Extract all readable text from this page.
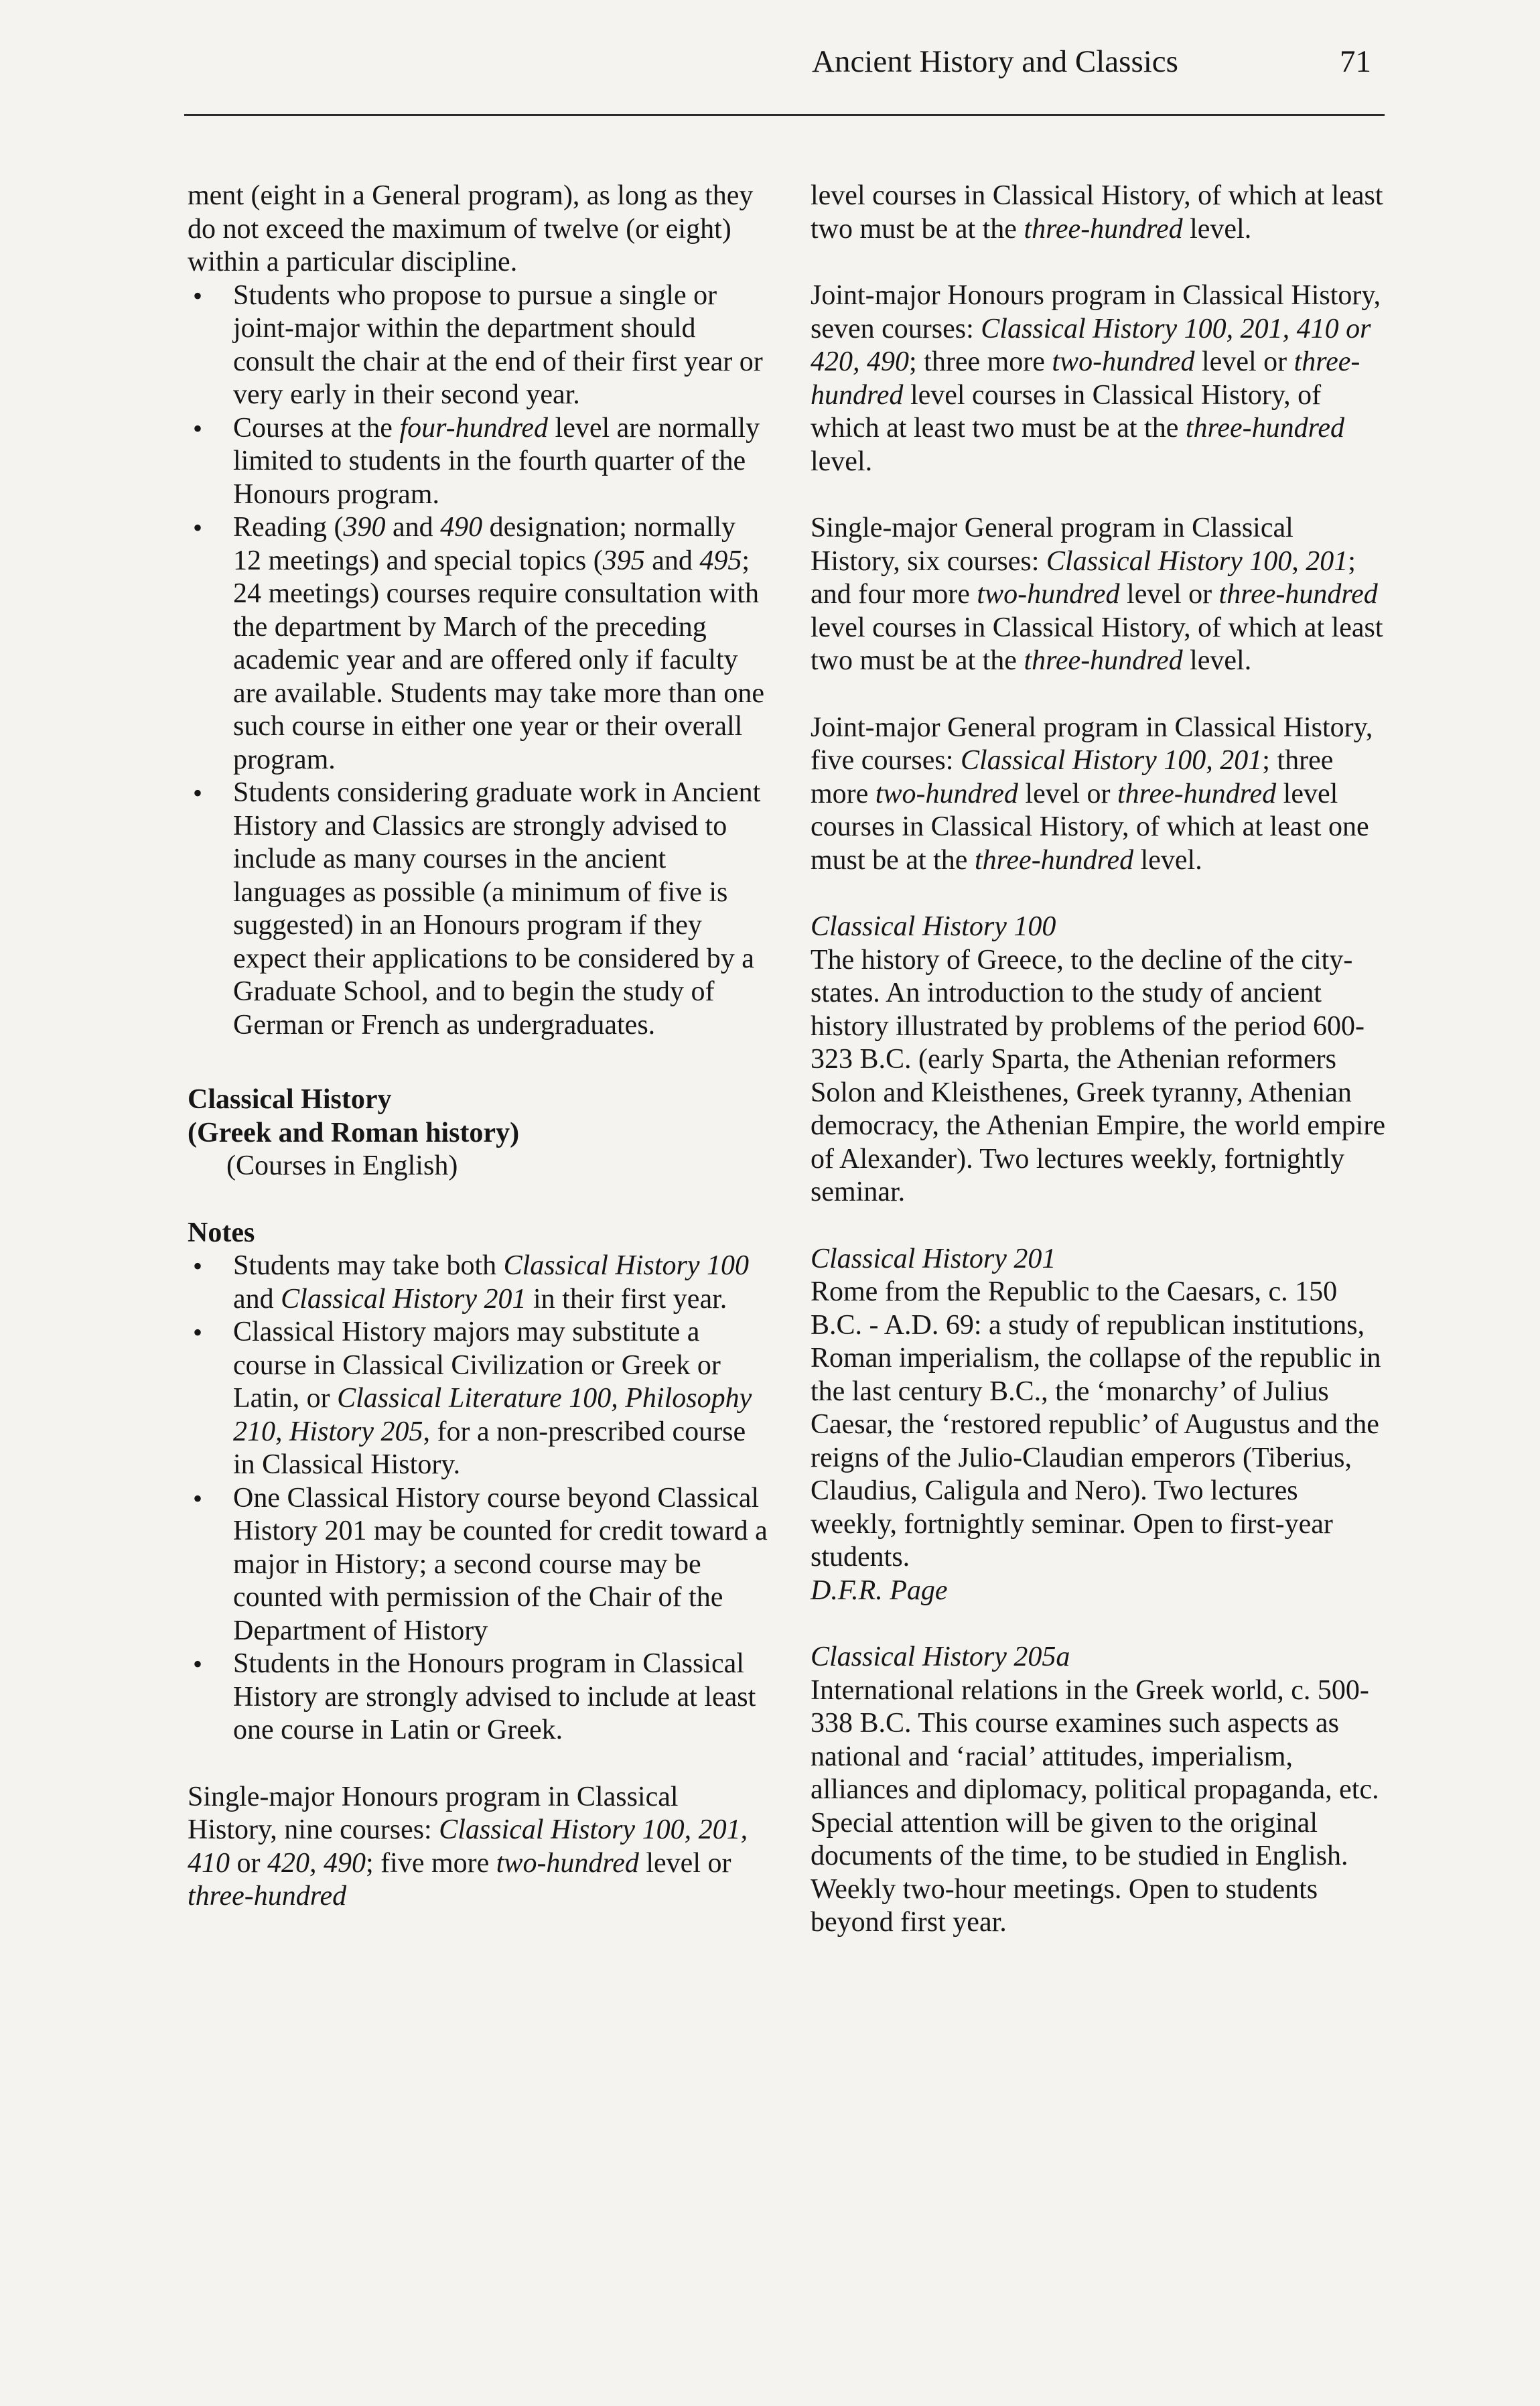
Ancient History and Classics	71

ment (eight in a General program), as long as they do not exceed the maximum of twelve (or eight) within a particular discipline.

• Students who propose to pursue a single or joint-major within the department should consult the chair at the end of their first year or very early in their second year.
• Courses at the four-hundred level are normally limited to students in the fourth quarter of the Honours program.
• Reading (390 and 490 designation; normally 12 meetings) and special topics (395 and 495; 24 meetings) courses require consultation with the department by March of the preceding academic year and are offered only if faculty are available. Students may take more than one such course in either one year or their overall program.
• Students considering graduate work in Ancient History and Classics are strongly advised to include as many courses in the ancient languages as possible (a minimum of five is suggested) in an Honours program if they expect their applications to be considered by a Graduate School, and to begin the study of German or French as undergraduates.

Classical History

(Greek and Roman history)

(Courses in English)

Notes

• Students may take both Classical History 100 and Classical History 201 in their first year.
• Classical History majors may substitute a course in Classical Civilization or Greek or Latin, or Classical Literature 100, Philosophy 210, History 205, for a non-prescribed course in Classical History.
• One Classical History course beyond Classical History 201 may be counted for credit toward a major in History; a second course may be counted with permission of the Chair of the Department of History
• Students in the Honours program in Classical History are strongly advised to include at least one course in Latin or Greek.

Single-major Honours program in Classical History, nine courses: Classical History 100, 201, 410 or 420, 490; five more two-hundred level or three-hundred

level courses in Classical History, of which at least two must be at the three-hundred level.

Joint-major Honours program in Classical History, seven courses: Classical History 100, 201, 410 or 420, 490; three more two-hundred level or three-hundred level courses in Classical History, of which at least two must be at the three-hundred level.

Single-major General program in Classical History, six courses: Classical History 100, 201; and four more two-hundred level or three-hundred level courses in Classical History, of which at least two must be at the three-hundred level.

Joint-major General program in Classical History, five courses: Classical History 100, 201; three more two-hundred level or three-hundred level courses in Classical History, of which at least one must be at the three-hundred level.

Classical History 100

The history of Greece, to the decline of the city-states. An introduction to the study of ancient history illustrated by problems of the period 600-323 B.C. (early Sparta, the Athenian reformers Solon and Kleisthenes, Greek tyranny, Athenian democracy, the Athenian Empire, the world empire of Alexander). Two lectures weekly, fortnightly seminar.

Classical History 201

Rome from the Republic to the Caesars, c. 150 B.C. - A.D. 69: a study of republican institutions, Roman imperialism, the collapse of the republic in the last century B.C., the ‘monarchy’ of Julius Caesar, the ‘restored republic’ of Augustus and the reigns of the Julio-Claudian emperors (Tiberius, Claudius, Caligula and Nero). Two lectures weekly, fortnightly seminar. Open to first-year students.

D.F.R. Page

Classical History 205a

International relations in the Greek world, c. 500-338 B.C. This course examines such aspects as national and ‘racial’ attitudes, imperialism, alliances and diplomacy, political propaganda, etc. Special attention will be given to the original documents of the time, to be studied in English. Weekly two-hour meetings. Open to students beyond first year.
